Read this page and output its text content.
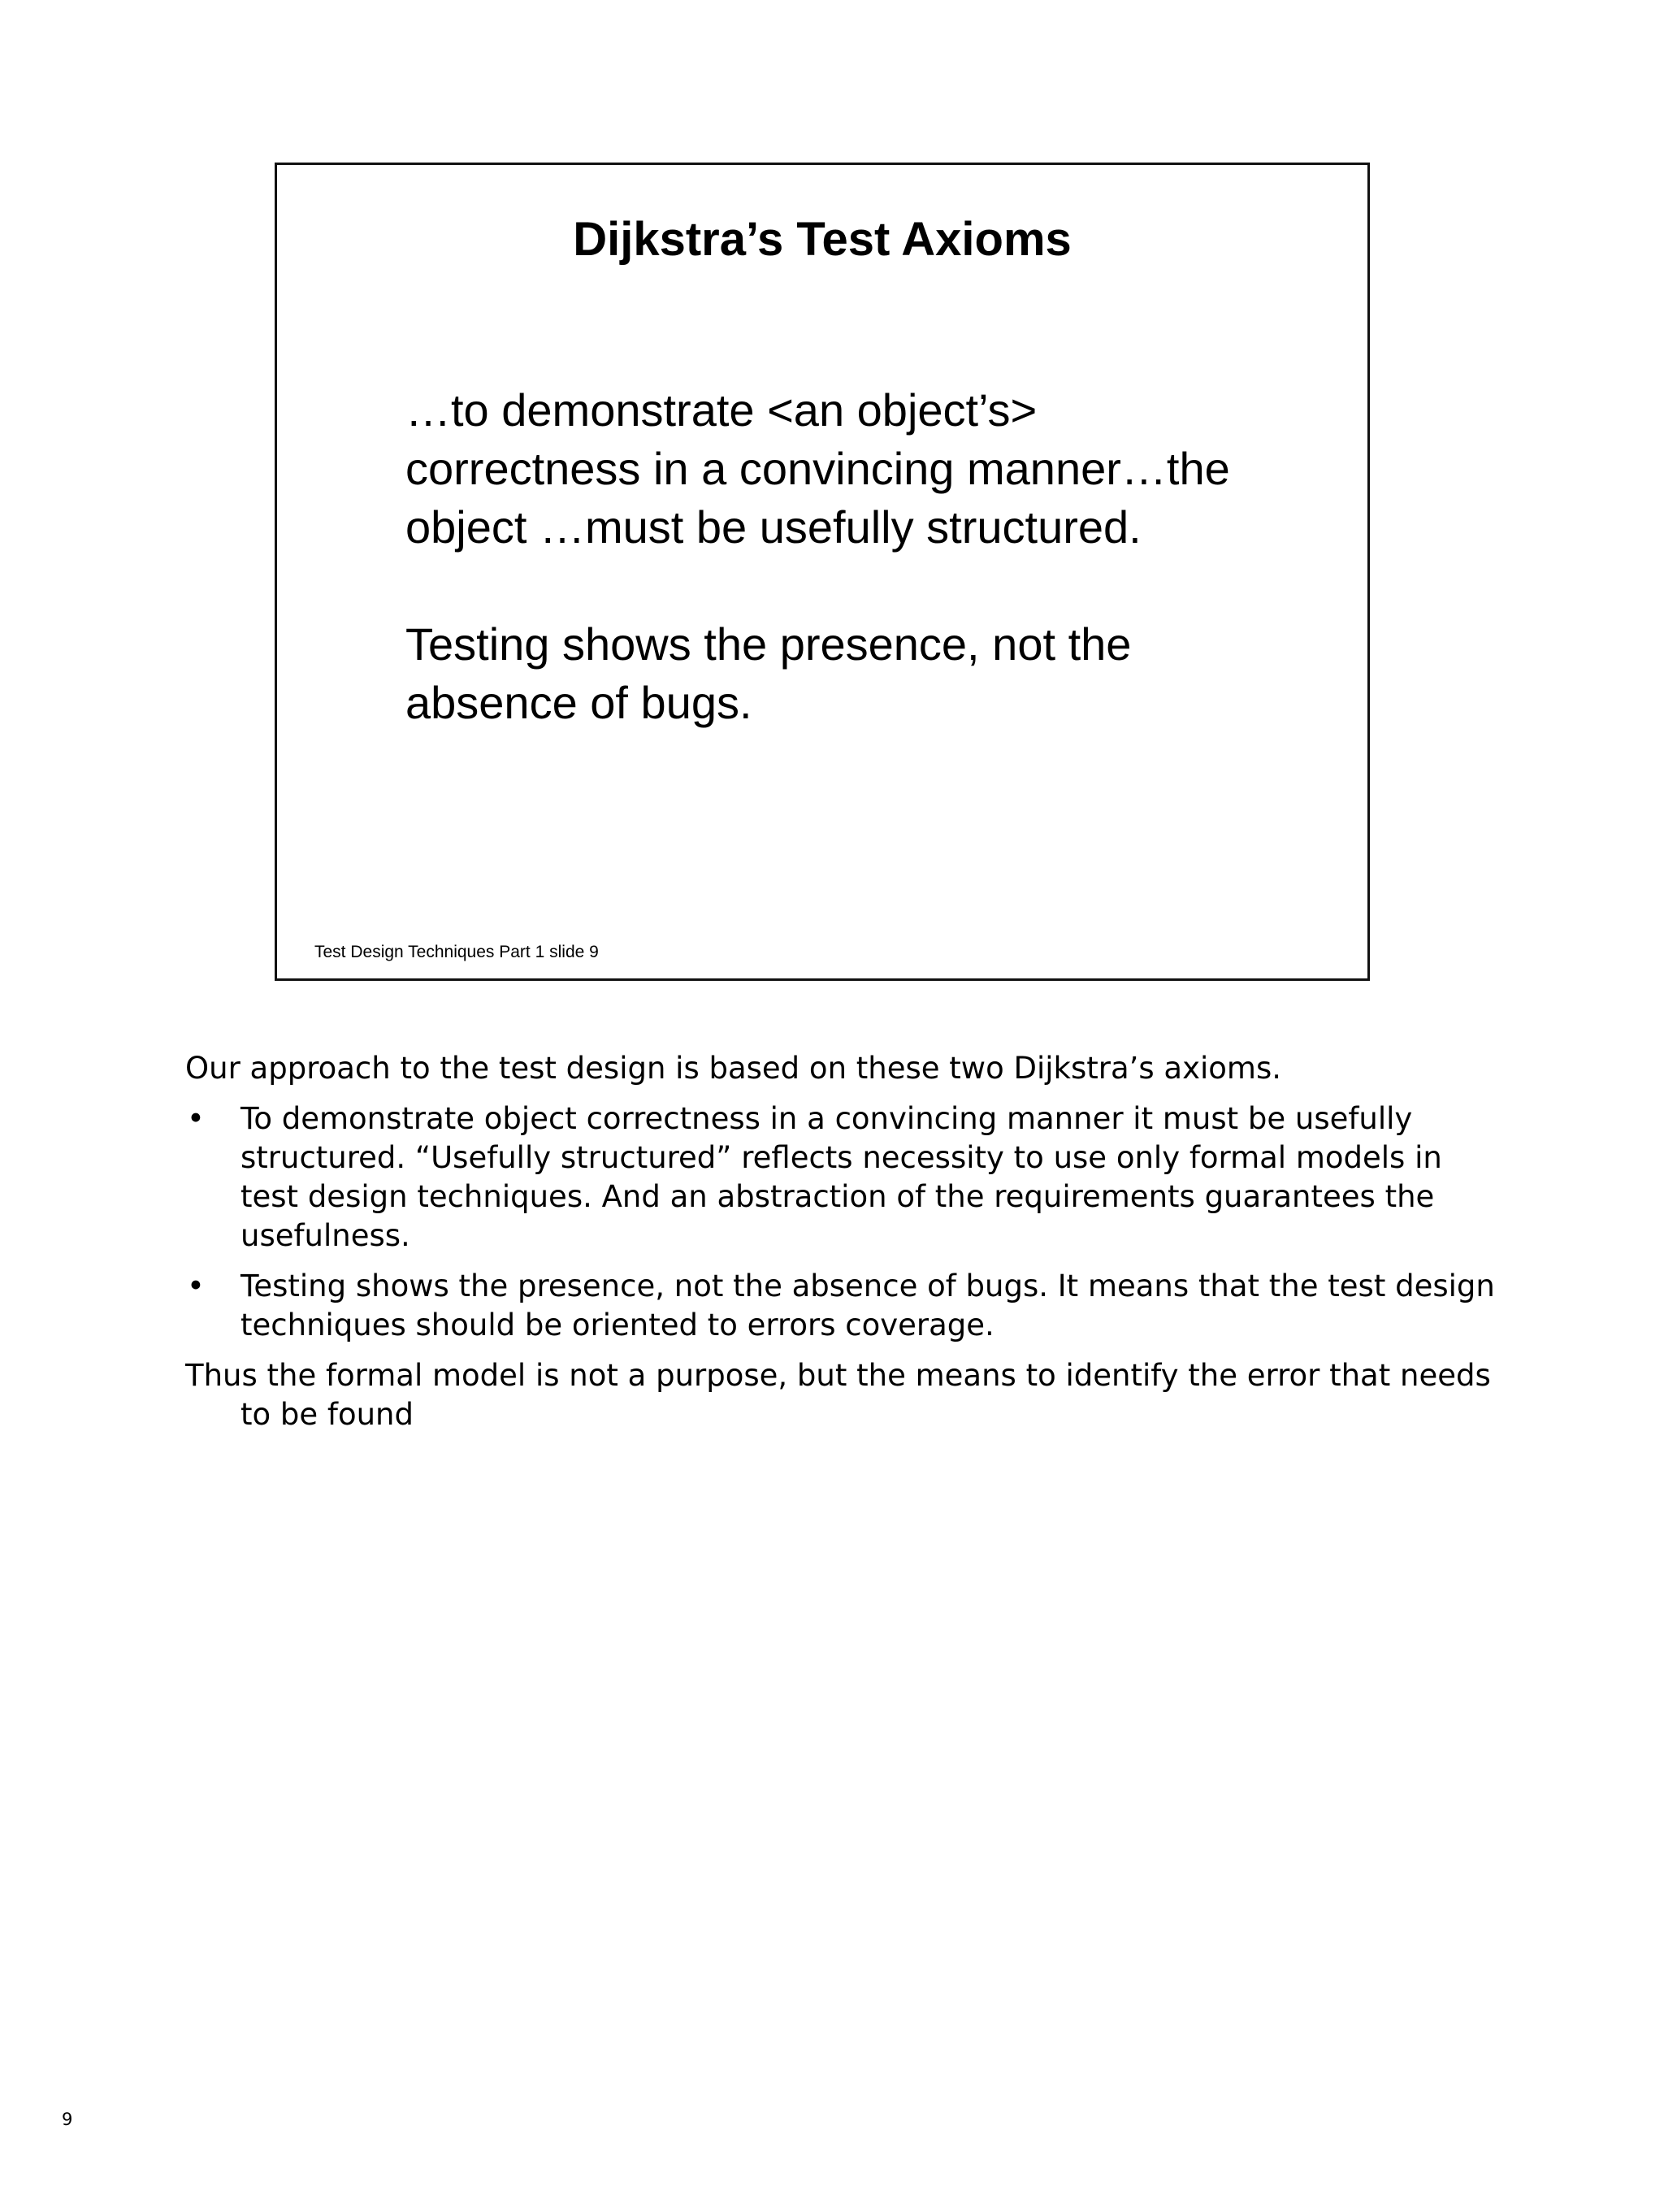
Dijkstra’s Test Axioms

…to demonstrate <an object’s>
correctness in a convincing manner…the
object …must be usefully structured.

Testing shows the presence, not the
absence of bugs.

Test Design Techniques Part 1 slide 9

Our approach to the test design is based on these two Dijkstra’s axioms.

• To demonstrate object correctness in a convincing manner it must be usefully structured. “Usefully structured” reflects necessity to use only formal models in test design techniques. And an abstraction of the requirements guarantees the usefulness.

• Testing shows the presence, not the absence of bugs. It means that the test design techniques should be oriented to errors coverage.

Thus the formal model is not a purpose, but the means to identify the error that needs to be found

9
